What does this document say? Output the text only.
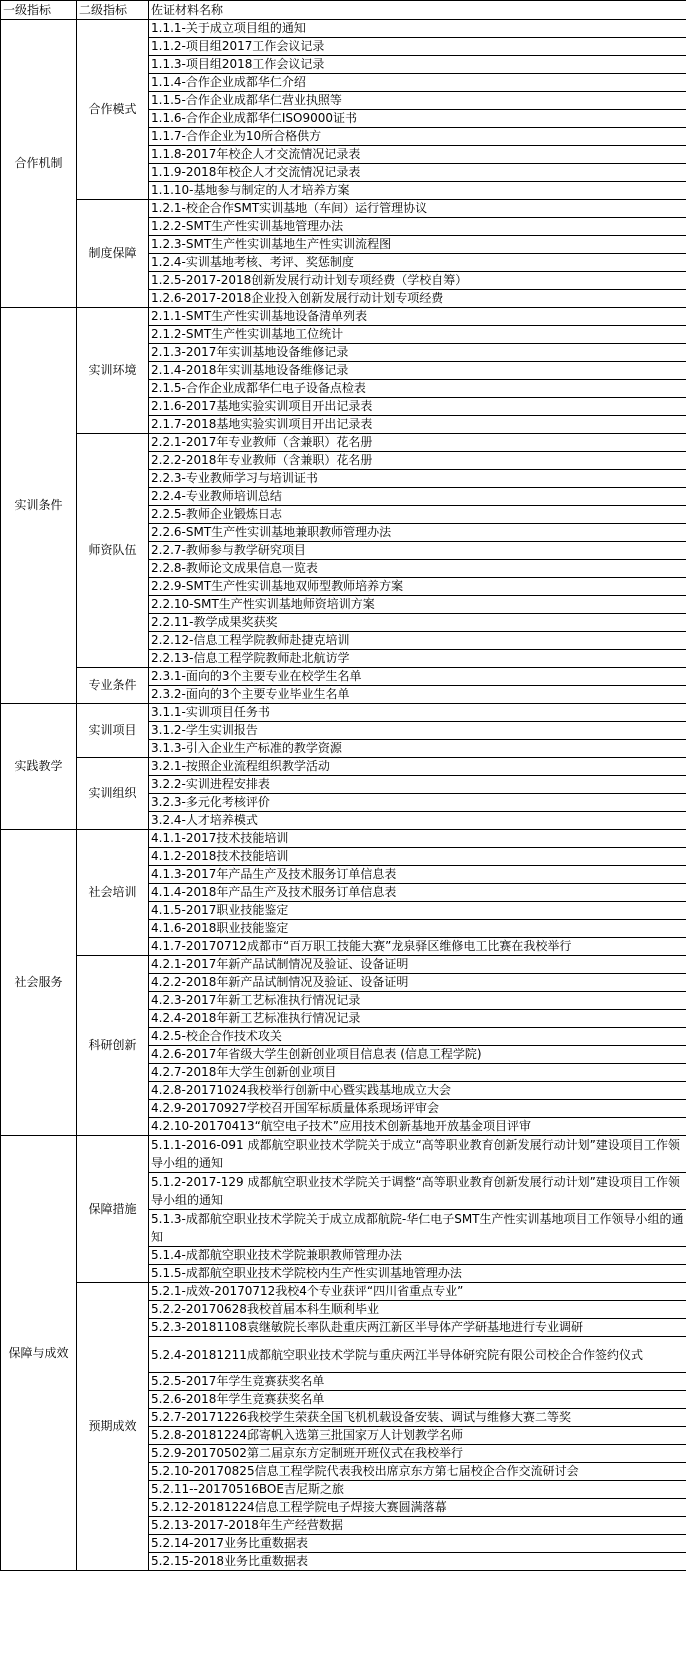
一级指标	二级指标	佐证材料名称
合作机制	合作模式	1.1.1-关于成立项目组的通知
		1.1.2-项目组2017工作会议记录
		1.1.3-项目组2018工作会议记录
		1.1.4-合作企业成都华仁介绍
		1.1.5-合作企业成都华仁营业执照等
		1.1.6-合作企业成都华仁ISO9000证书
		1.1.7-合作企业为10所合格供方
		1.1.8-2017年校企人才交流情况记录表
		1.1.9-2018年校企人才交流情况记录表
		1.1.10-基地参与制定的人才培养方案
	制度保障	1.2.1-校企合作SMT实训基地（车间）运行管理协议
		1.2.2-SMT生产性实训基地管理办法
		1.2.3-SMT生产性实训基地生产性实训流程图
		1.2.4-实训基地考核、考评、奖惩制度
		1.2.5-2017-2018创新发展行动计划专项经费（学校自筹）
		1.2.6-2017-2018企业投入创新发展行动计划专项经费
实训条件	实训环境	2.1.1-SMT生产性实训基地设备清单列表
		2.1.2-SMT生产性实训基地工位统计
		2.1.3-2017年实训基地设备维修记录
		2.1.4-2018年实训基地设备维修记录
		2.1.5-合作企业成都华仁电子设备点检表
		2.1.6-2017基地实验实训项目开出记录表
		2.1.7-2018基地实验实训项目开出记录表
	师资队伍	2.2.1-2017年专业教师（含兼职）花名册
		2.2.2-2018年专业教师（含兼职）花名册
		2.2.3-专业教师学习与培训证书
		2.2.4-专业教师培训总结
		2.2.5-教师企业锻炼日志
		2.2.6-SMT生产性实训基地兼职教师管理办法
		2.2.7-教师参与教学研究项目
		2.2.8-教师论文成果信息一览表
		2.2.9-SMT生产性实训基地双师型教师培养方案
		2.2.10-SMT生产性实训基地师资培训方案
		2.2.11-教学成果奖获奖
		2.2.12-信息工程学院教师赴捷克培训
		2.2.13-信息工程学院教师赴北航访学
	专业条件	2.3.1-面向的3个主要专业在校学生名单
		2.3.2-面向的3个主要专业毕业生名单
实践教学	实训项目	3.1.1-实训项目任务书
		3.1.2-学生实训报告
		3.1.3-引入企业生产标准的教学资源
	实训组织	3.2.1-按照企业流程组织教学活动
		3.2.2-实训进程安排表
		3.2.3-多元化考核评价
		3.2.4-人才培养模式
社会服务	社会培训	4.1.1-2017技术技能培训
		4.1.2-2018技术技能培训
		4.1.3-2017年产品生产及技术服务订单信息表
		4.1.4-2018年产品生产及技术服务订单信息表
		4.1.5-2017职业技能鉴定
		4.1.6-2018职业技能鉴定
		4.1.7-20170712成都市“百万职工技能大赛”龙泉驿区维修电工比赛在我校举行
	科研创新	4.2.1-2017年新产品试制情况及验证、设备证明
		4.2.2-2018年新产品试制情况及验证、设备证明
		4.2.3-2017年新工艺标准执行情况记录
		4.2.4-2018年新工艺标准执行情况记录
		4.2.5-校企合作技术攻关
		4.2.6-2017年省级大学生创新创业项目信息表 (信息工程学院)
		4.2.7-2018年大学生创新创业项目
		4.2.8-20171024我校举行创新中心暨实践基地成立大会
		4.2.9-20170927学校召开国军标质量体系现场评审会
		4.2.10-20170413“航空电子技术”应用技术创新基地开放基金项目评审
保障与成效	保障措施	5.1.1-2016-091 成都航空职业技术学院关于成立“高等职业教育创新发展行动计划”建设项目工作领导小组的通知
		5.1.2-2017-129 成都航空职业技术学院关于调整“高等职业教育创新发展行动计划”建设项目工作领导小组的通知
		5.1.3-成都航空职业技术学院关于成立成都航院-华仁电子SMT生产性实训基地项目工作领导小组的通知
		5.1.4-成都航空职业技术学院兼职教师管理办法
		5.1.5-成都航空职业技术学院校内生产性实训基地管理办法
	预期成效	5.2.1-成效-20170712我校4个专业获评“四川省重点专业”
		5.2.2-20170628我校首届本科生顺利毕业
		5.2.3-20181108袁继敏院长率队赴重庆两江新区半导体产学研基地进行专业调研
		5.2.4-20181211成都航空职业技术学院与重庆两江半导体研究院有限公司校企合作签约仪式
		5.2.5-2017年学生竞赛获奖名单
		5.2.6-2018年学生竞赛获奖名单
		5.2.7-20171226我校学生荣获全国飞机机载设备安装、调试与维修大赛二等奖
		5.2.8-20181224邱寄帆入选第三批国家万人计划教学名师
		5.2.9-20170502第二届京东方定制班开班仪式在我校举行
		5.2.10-20170825信息工程学院代表我校出席京东方第七届校企合作交流研讨会
		5.2.11--20170516BOE吉尼斯之旅
		5.2.12-20181224信息工程学院电子焊接大赛圆满落幕
		5.2.13-2017-2018年生产经营数据
		5.2.14-2017业务比重数据表
		5.2.15-2018业务比重数据表
